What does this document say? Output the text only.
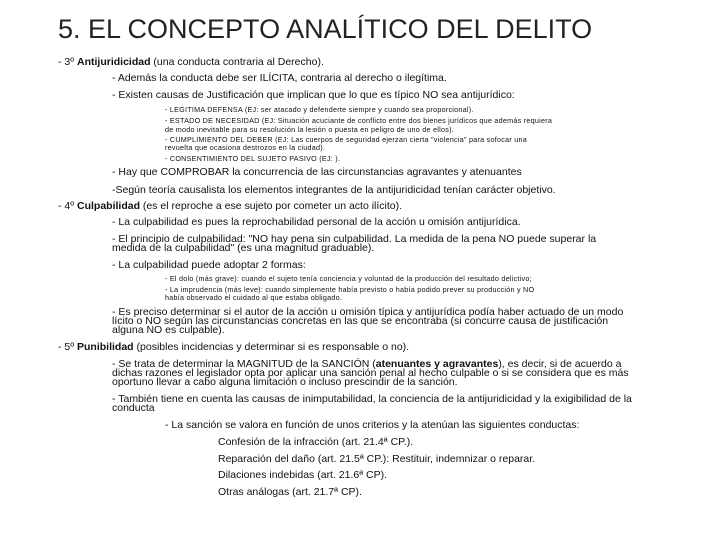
5. EL CONCEPTO ANALÍTICO DEL DELITO
- 3º Antijuridicidad (una conducta contraria al Derecho).
- Además la conducta debe ser ILÍCITA, contraria al derecho o ilegítima.
- Existen causas de Justificación que implican que lo que es típico NO sea antijurídico:
- LEGITIMA DEFENSA (EJ: ser atacado y defenderte siempre y cuando sea proporcional).
- ESTADO DE NECESIDAD (EJ: Situación acuciante de conflicto entre dos bienes jurídicos que además requiera
de modo inevitable para su resolución la lesión o puesta en peligro de uno de ellos).
- CUMPLIMIENTO DEL DEBER (EJ: Las cuerpos de seguridad ejerzan cierta "violencia" para sofocar una
revuelta que ocasiona destrozos en la ciudad).
- CONSENTIMIENTO DEL SUJETO PASIVO (EJ: ).
- Hay que COMPROBAR la concurrencia de las circunstancias agravantes y atenuantes
-Según teoría causalista los elementos integrantes de la antijuridicidad tenían carácter objetivo.
- 4º Culpabilidad (es el reproche a ese sujeto por cometer un acto ilícito).
- La culpabilidad es pues la reprochabilidad personal de la acción u omisión antijurídica.
- El principio de culpabilidad: "NO hay pena sin culpabilidad. La medida de la pena NO puede superar la
medida de la culpabilidad" (es una magnitud graduable).
- La culpabilidad puede adoptar 2 formas:
- El dolo (más grave): cuando el sujeto tenía conciencia y voluntad de la producción del resultado delictivo;
- La imprudencia (más leve): cuando simplemente había previsto o había podido prever su producción y NO
había observado el cuidado al que estaba obligado.
- Es preciso determinar si el autor de la acción u omisión típica y antijurídica podía haber actuado de un modo
lícito o NO según las circunstancias concretas en las que se encontraba (si concurre causa de justificación
alguna NO es culpable).
- 5º Punibilidad (posibles incidencias y determinar si es responsable o no).
- Se trata de determinar la MAGNITUD de la SANCIÓN (atenuantes y agravantes), es decir, si de acuerdo a
dichas razones el legislador opta por aplicar una sanción penal al hecho culpable o si se considera que es más
oportuno llevar a cabo alguna limitación o incluso prescindir de la sanción.
- También tiene en cuenta las causas de inimputabilidad, la conciencia de la antijuridicidad y la exigibilidad de la
conducta
- La sanción se valora en función de unos criterios y la atenúan las siguientes conductas:
Confesión de la infracción (art. 21.4ª CP.).
Reparación del daño (art. 21.5ª CP.): Restituir, indemnizar o reparar.
Dilaciones indebidas (art. 21.6ª CP).
Otras análogas (art. 21.7ª CP).
